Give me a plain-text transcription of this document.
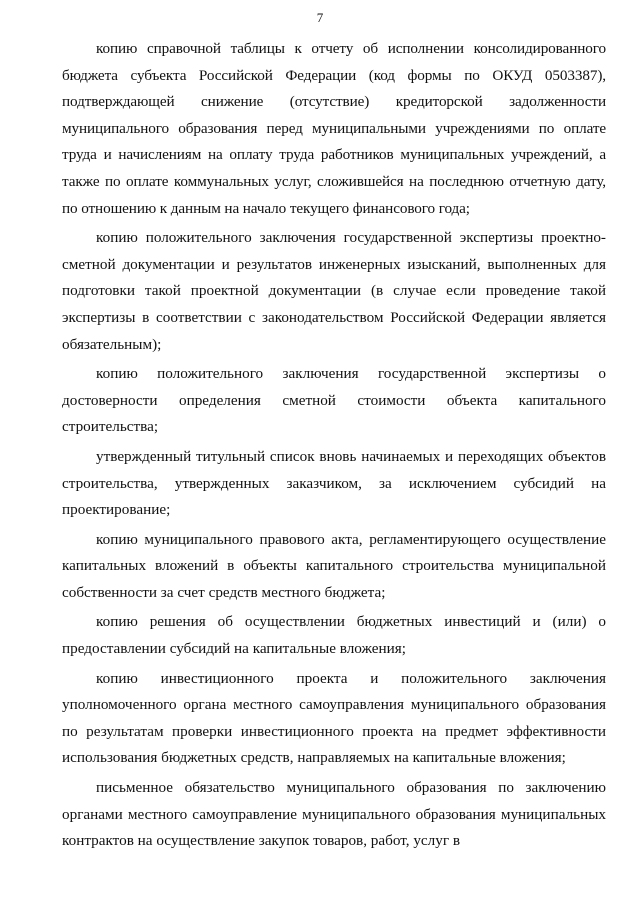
7

копию справочной таблицы к отчету об исполнении консолидированного бюджета субъекта Российской Федерации (код формы по ОКУД 0503387), подтверждающей снижение (отсутствие) кредиторской задолженности муниципального образования перед муниципальными учреждениями по оплате труда и начислениям на оплату труда работников муниципальных учреждений, а также по оплате коммунальных услуг, сложившейся на последнюю отчетную дату, по отношению к данным на начало текущего финансового года;

копию положительного заключения государственной экспертизы проектно-сметной документации и результатов инженерных изысканий, выполненных для подготовки такой проектной документации (в случае если проведение такой экспертизы в соответствии с законодательством Российской Федерации является обязательным);

копию положительного заключения государственной экспертизы о достоверности определения сметной стоимости объекта капитального строительства;

утвержденный титульный список вновь начинаемых и переходящих объектов строительства, утвержденных заказчиком, за исключением субсидий на проектирование;

копию муниципального правового акта, регламентирующего осуществление капитальных вложений в объекты капитального строительства муниципальной собственности за счет средств местного бюджета;

копию решения об осуществлении бюджетных инвестиций и (или) о предоставлении субсидий на капитальные вложения;

копию инвестиционного проекта и положительного заключения уполномоченного органа местного самоуправления муниципального образования по результатам проверки инвестиционного проекта на предмет эффективности использования бюджетных средств, направляемых на капитальные вложения;

письменное обязательство муниципального образования по заключению органами местного самоуправление муниципального образования муниципальных контрактов на осуществление закупок товаров, работ, услуг в
